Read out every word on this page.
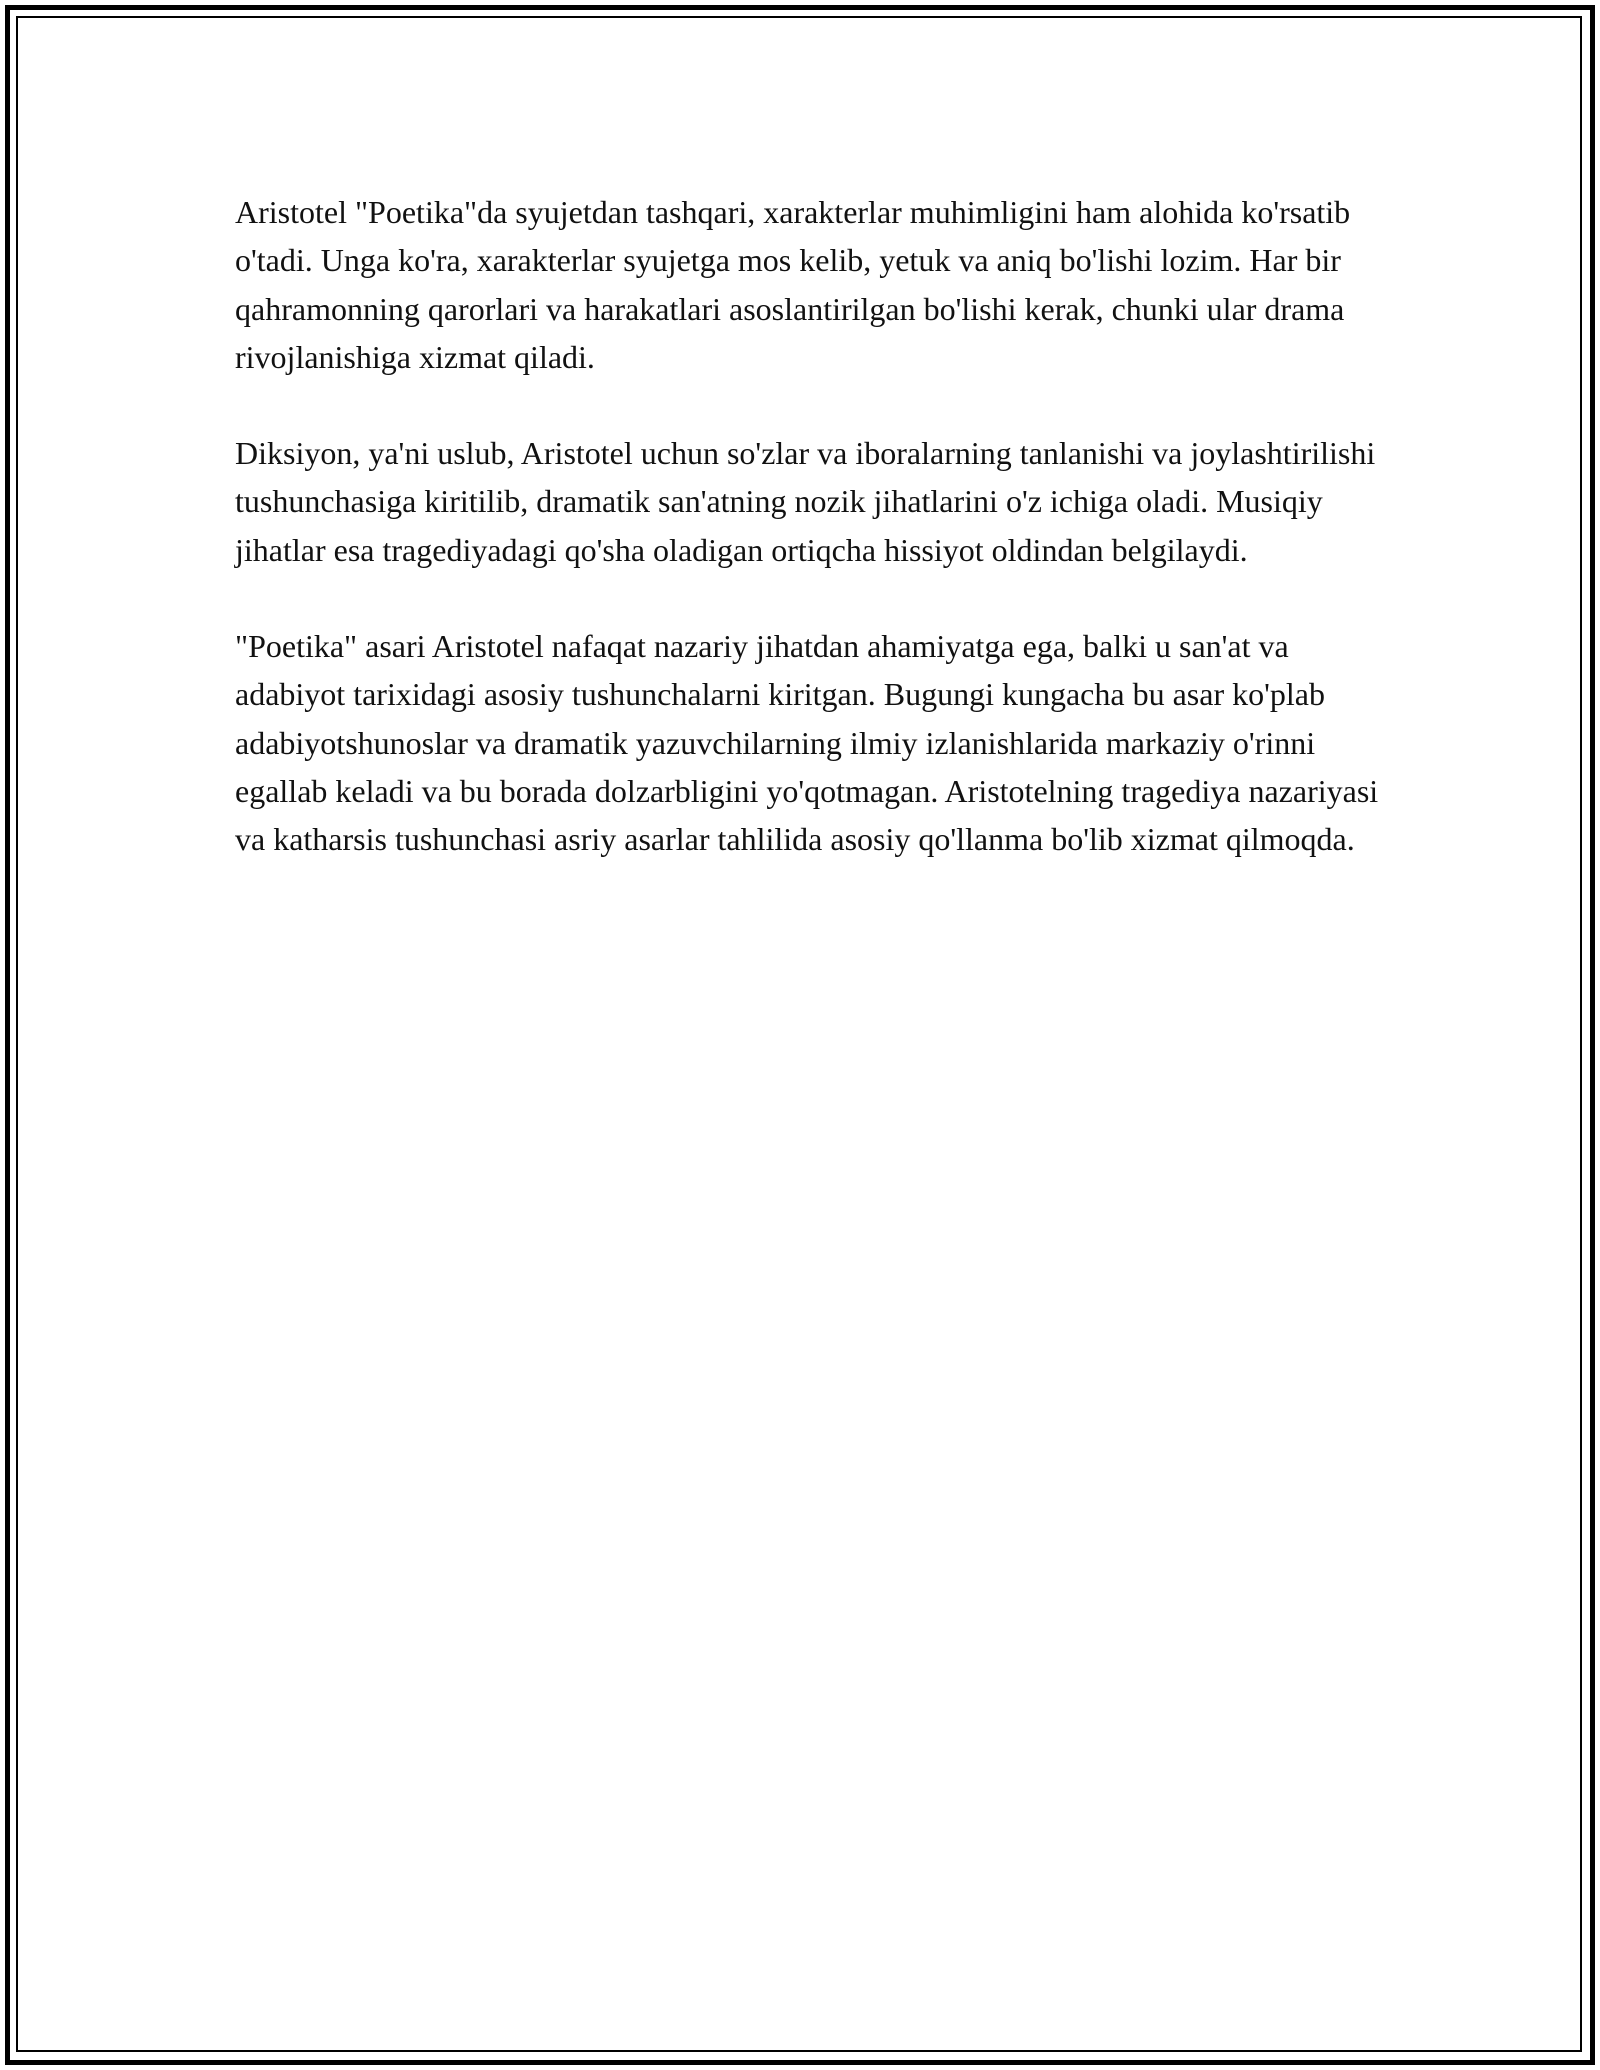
Aristotel "Poetika"da syujetdan tashqari, xarakterlar muhimligini ham alohida ko'rsatib o'tadi. Unga ko'ra, xarakterlar syujetga mos kelib, yetuk va aniq bo'lishi lozim. Har bir qahramonning qarorlari va harakatlari asoslantirilgan bo'lishi kerak, chunki ular drama rivojlanishiga xizmat qiladi.

Diksiyon, ya'ni uslub, Aristotel uchun so'zlar va iboralarning tanlanishi va joylashtirilishi tushunchasiga kiritilib, dramatik san'atning nozik jihatlarini o'z ichiga oladi. Musiqiy jihatlar esa tragediyadagi qo'sha oladigan ortiqcha hissiyot oldindan belgilaydi.

"Poetika" asari Aristotel nafaqat nazariy jihatdan ahamiyatga ega, balki u san'at va adabiyot tarixidagi asosiy tushunchalarni kiritgan. Bugungi kungacha bu asar ko'plab adabiyotshunoslar va dramatik yazuvchilarning ilmiy izlanishlarida markaziy o'rinni egallab keladi va bu borada dolzarbligini yo'qotmagan. Aristotelning tragediya nazariyasi va katharsis tushunchasi asriy asarlar tahlilida asosiy qo'llanma bo'lib xizmat qilmoqda.
